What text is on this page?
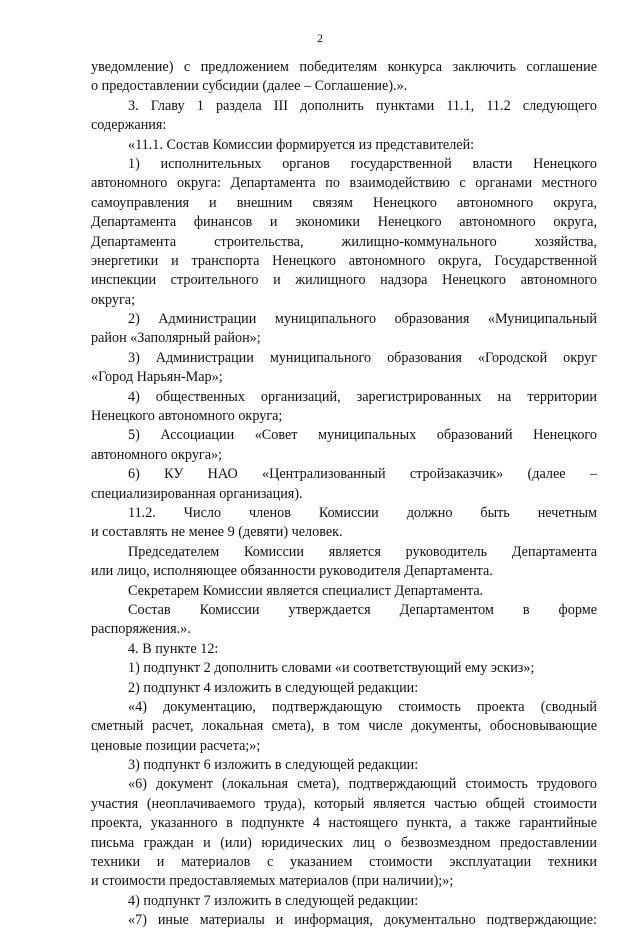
2
уведомление) с предложением победителям конкурса заключить соглашение
о предоставлении субсидии (далее – Соглашение).».
3. Главу 1 раздела III дополнить пунктами 11.1, 11.2 следующего
содержания:
«11.1. Состав Комиссии формируется из представителей:
1) исполнительных органов государственной власти Ненецкого
автономного округа: Департамента по взаимодействию с органами местного
самоуправления и внешним связям Ненецкого автономного округа,
Департамента финансов и экономики Ненецкого автономного округа,
Департамента строительства, жилищно-коммунального хозяйства,
энергетики и транспорта Ненецкого автономного округа, Государственной
инспекции строительного и жилищного надзора Ненецкого автономного
округа;
2) Администрации муниципального образования «Муниципальный
район «Заполярный район»;
3) Администрации муниципального образования «Городской округ
«Город Нарьян-Мар»;
4) общественных организаций, зарегистрированных на территории
Ненецкого автономного округа;
5) Ассоциации «Совет муниципальных образований Ненецкого
автономного округа»;
6) КУ НАО «Централизованный стройзаказчик» (далее –
специализированная организация).
11.2. Число членов Комиссии должно быть нечетным
и составлять не менее 9 (девяти) человек.
Председателем Комиссии является руководитель Департамента
или лицо, исполняющее обязанности руководителя Департамента.
Секретарем Комиссии является специалист Департамента.
Состав Комиссии утверждается Департаментом в форме
распоряжения.».
4. В пункте 12:
1) подпункт 2 дополнить словами «и соответствующий ему эскиз»;
2) подпункт 4 изложить в следующей редакции:
«4) документацию, подтверждающую стоимость проекта (сводный
сметный расчет, локальная смета), в том числе документы, обосновывающие
ценовые позиции расчета;»;
3) подпункт 6 изложить в следующей редакции:
«6) документ (локальная смета), подтверждающий стоимость трудового
участия (неоплачиваемого труда), который является частью общей стоимости
проекта, указанного в подпункте 4 настоящего пункта, а также гарантийные
письма граждан и (или) юридических лиц о безвозмездном предоставлении
техники и материалов с указанием стоимости эксплуатации техники
и стоимости предоставляемых материалов (при наличии);»;
4) подпункт 7 изложить в следующей редакции:
«7) иные материалы и информация, документально подтверждающие:
